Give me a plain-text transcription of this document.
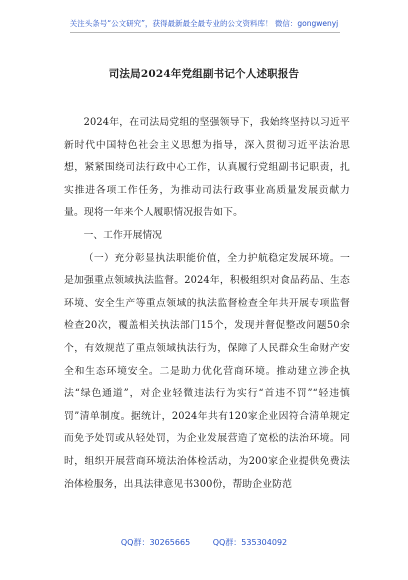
关注头条号“公文研究”，获得最新最全最专业的公文资料库！ 微信：gongwenyj
司法局2024年党组副书记个人述职报告

2024年，在司法局党组的坚强领导下，我始终坚持以习近平新时代中国特色社会主义思想为指导，深入贯彻习近平法治思想，紧紧围绕司法行政中心工作，认真履行党组副书记职责，扎实推进各项工作任务，为推动司法行政事业高质量发展贡献力量。现将一年来个人履职情况报告如下。

一、工作开展情况

（一）充分彰显执法职能价值，全力护航稳定发展环境。一是加强重点领域执法监督。2024年，积极组织对食品药品、生态环境、安全生产等重点领域的执法监督检查全年共开展专项监督检查20次，覆盖相关执法部门15个，发现并督促整改问题50余个，有效规范了重点领域执法行为，保障了人民群众生命财产安全和生态环境安全。二是助力优化营商环境。推动建立涉企执法“绿色通道”，对企业轻微违法行为实行“首违不罚”“轻违慎罚”清单制度。据统计，2024年共有120家企业因符合清单规定而免予处罚或从轻处罚，为企业发展营造了宽松的法治环境。同时，组织开展营商环境法治体检活动，为200家企业提供免费法治体检服务，出具法律意见书300份，帮助企业防范

QQ群：30265665	QQ群：535304092
